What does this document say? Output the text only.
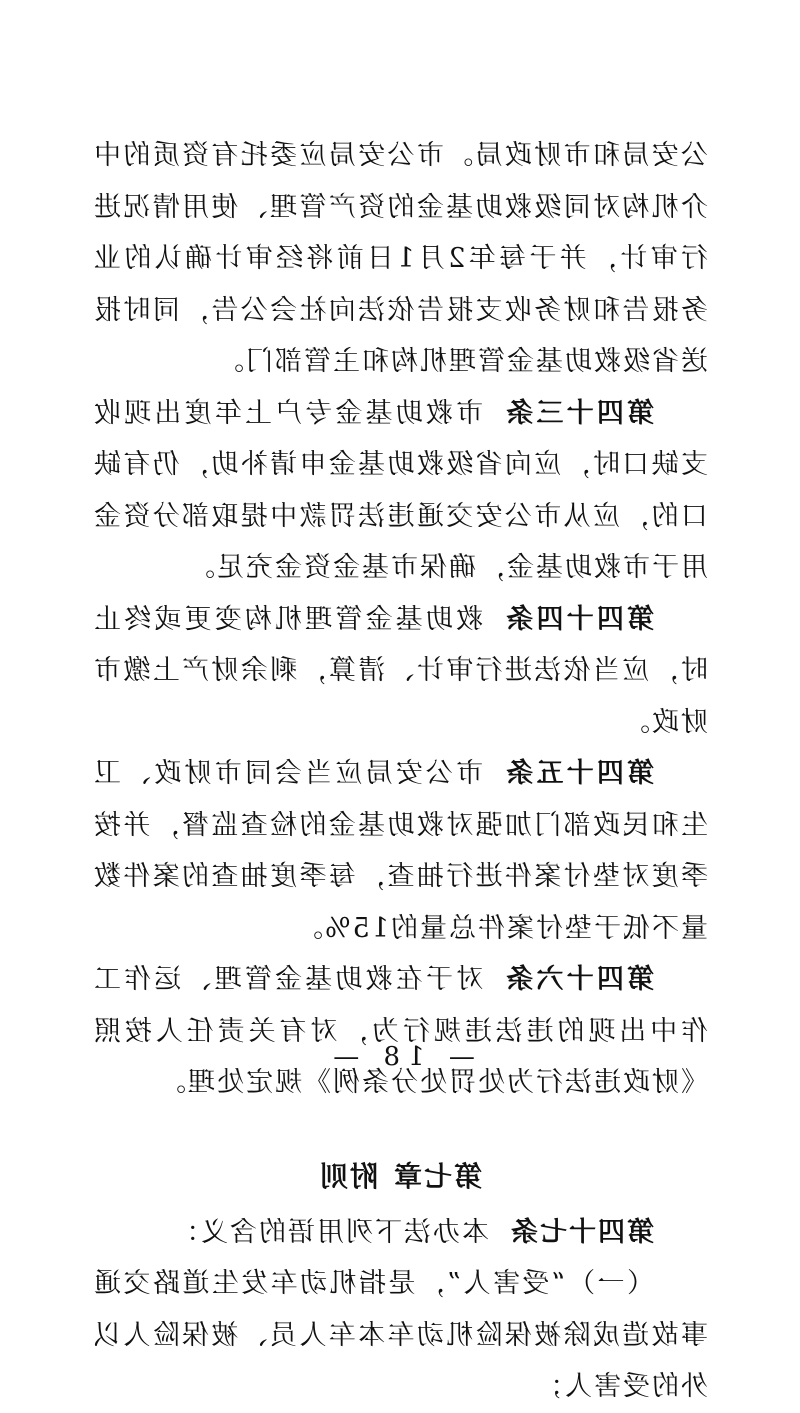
公安局和市财政局。市公安局应委托有资质的中介机构对同级救助基金的资产管理、使用情况进行审计，并于每年2月1日前将经审计确认的业务报告和财务收支报告依法向社会公告，同时报送省级救助基金管理机构和主管部门。

第四十三条市救助基金专户上年度出现收支缺口时，应向省级救助基金申请补助，仍有缺口的，应从市公安交通违法罚款中提取部分资金用于市救助基金，确保市基金资金充足。

第四十四条救助基金管理机构变更或终止时，应当依法进行审计、清算，剩余财产上缴市财政。

第四十五条市公安局应当会同市财政、卫生和民政部门加强对救助基金的检查监督，并按季度对垫付案件进行抽查，每季度抽查的案件数量不低于垫付案件总量的15%。

第四十六条对于在救助基金管理、运作工作中出现的违法违规行为，对有关责任人按照《财政违法行为处罚处分条例》规定处理。

第七章附则

第四十七条本办法下列用语的含义：

（一）“受害人”，是指机动车发生道路交通事故造成除被保险机动车本车人员、被保险人以外的受害人；

— 18 —
